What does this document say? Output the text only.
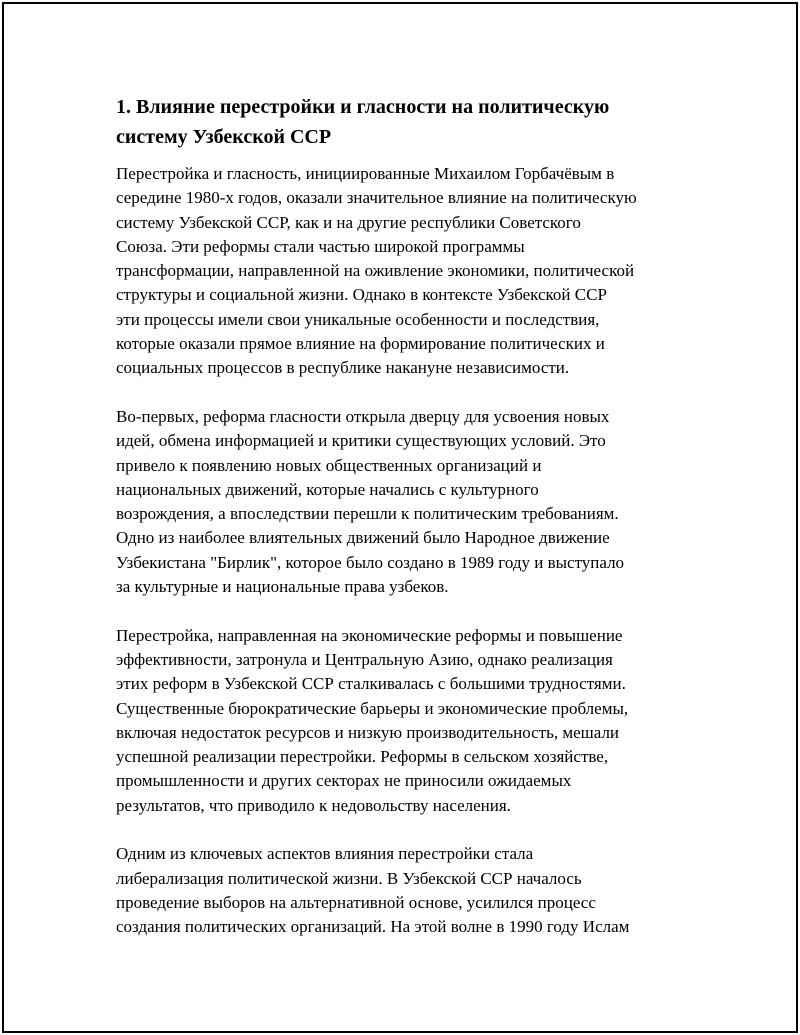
1. Влияние перестройки и гласности на политическую
систему Узбекской ССР
Перестройка и гласность, инициированные Михаилом Горбачёвым в
середине 1980-х годов, оказали значительное влияние на политическую
систему Узбекской ССР, как и на другие республики Советского
Союза. Эти реформы стали частью широкой программы
трансформации, направленной на оживление экономики, политической
структуры и социальной жизни. Однако в контексте Узбекской ССР
эти процессы имели свои уникальные особенности и последствия,
которые оказали прямое влияние на формирование политических и
социальных процессов в республике накануне независимости.
Во-первых, реформа гласности открыла дверцу для усвоения новых
идей, обмена информацией и критики существующих условий. Это
привело к появлению новых общественных организаций и
национальных движений, которые начались с культурного
возрождения, а впоследствии перешли к политическим требованиям.
Одно из наиболее влиятельных движений было Народное движение
Узбекистана "Бирлик", которое было создано в 1989 году и выступало
за культурные и национальные права узбеков.
Перестройка, направленная на экономические реформы и повышение
эффективности, затронула и Центральную Азию, однако реализация
этих реформ в Узбекской ССР сталкивалась с большими трудностями.
Существенные бюрократические барьеры и экономические проблемы,
включая недостаток ресурсов и низкую производительность, мешали
успешной реализации перестройки. Реформы в сельском хозяйстве,
промышленности и других секторах не приносили ожидаемых
результатов, что приводило к недовольству населения.
Одним из ключевых аспектов влияния перестройки стала
либерализация политической жизни. В Узбекской ССР началось
проведение выборов на альтернативной основе, усилился процесс
создания политических организаций. На этой волне в 1990 году Ислам
